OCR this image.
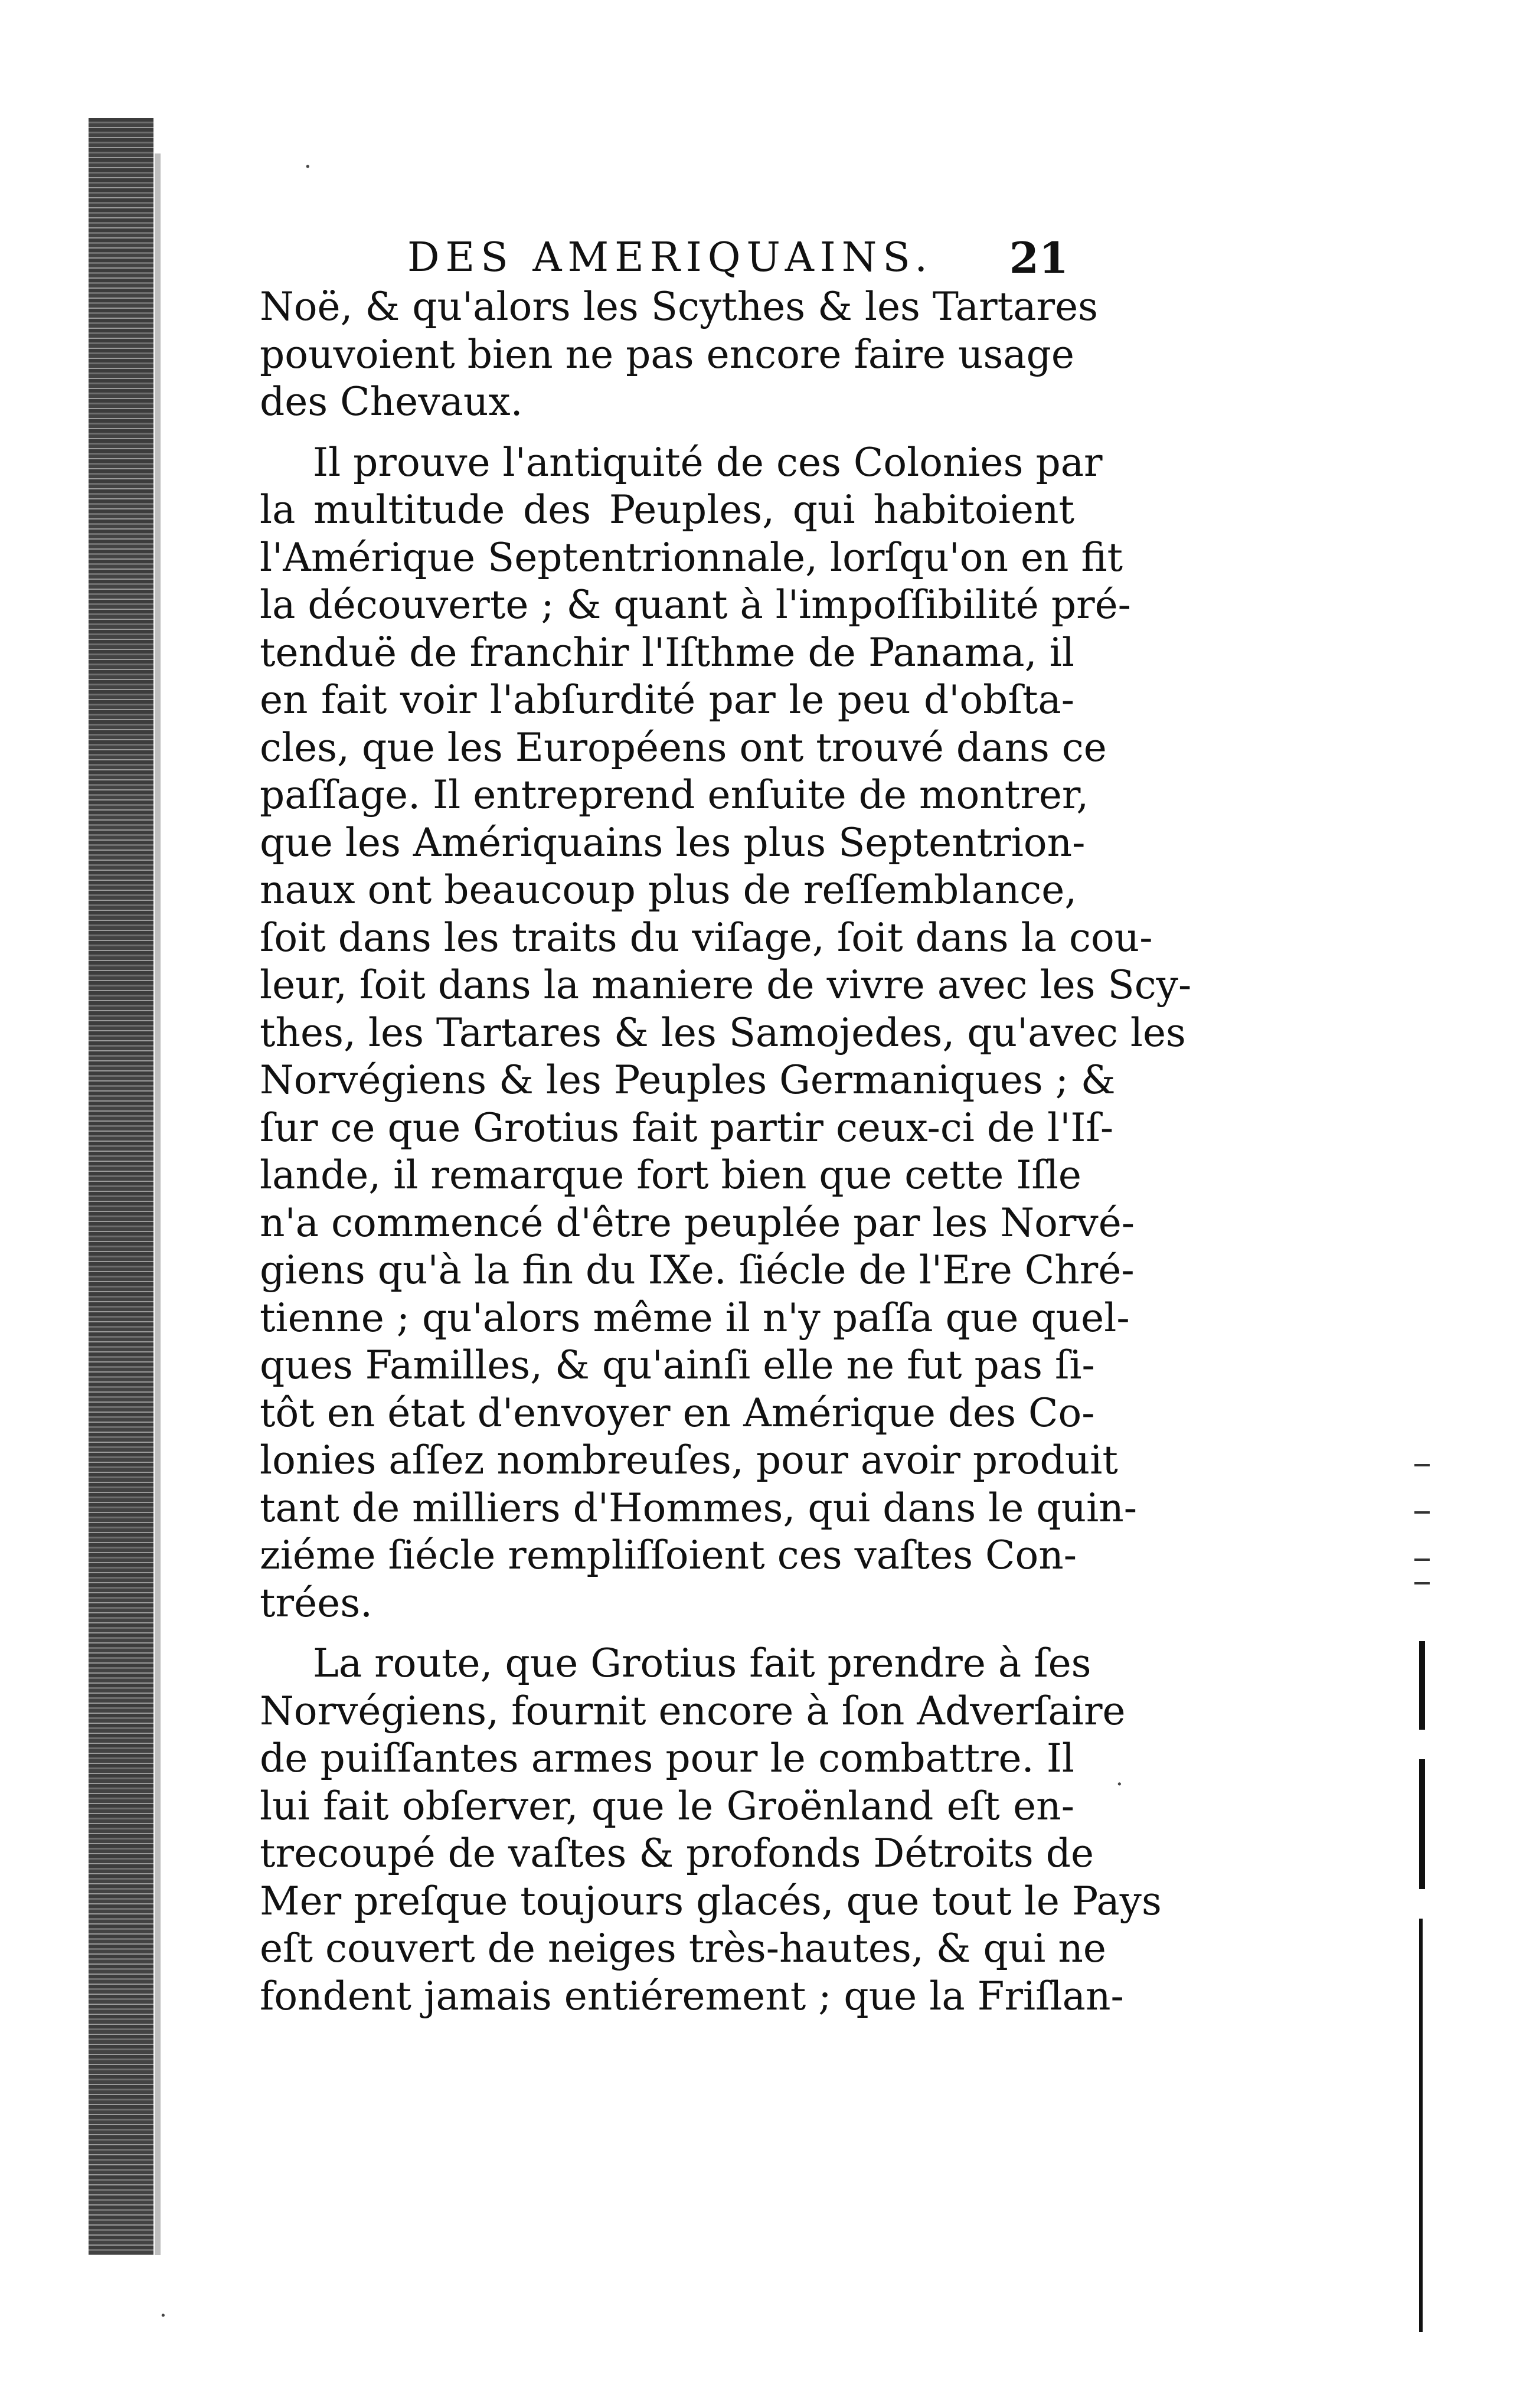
DES AMERIQUAINS.	21
Noë, & qu'alors les Scythes & les Tartares
pouvoient bien ne pas encore faire usage
des Chevaux.
Il prouve l'antiquité de ces Colonies par
la multitude des Peuples, qui habitoient
l'Amérique Septentrionnale, lorſqu'on en fit
la découverte ; & quant à l'impoſſibilité pré-
tenduë de franchir l'Iſthme de Panama, il
en fait voir l'abſurdité par le peu d'obſta-
cles, que les Européens ont trouvé dans ce
paſſage. Il entreprend enſuite de montrer,
que les Amériquains les plus Septentrion-
naux ont beaucoup plus de reſſemblance,
ſoit dans les traits du viſage, ſoit dans la cou-
leur, ſoit dans la maniere de vivre avec les Scy-
thes, les Tartares & les Samojedes, qu'avec les
Norvégiens & les Peuples Germaniques ; &
ſur ce que Grotius fait partir ceux-ci de l'Iſ-
lande, il remarque fort bien que cette Iſle
n'a commencé d'être peuplée par les Norvé-
giens qu'à la fin du IXe. ſiécle de l'Ere Chré-
tienne ; qu'alors même il n'y paſſa que quel-
ques Familles, & qu'ainſi elle ne fut pas ſi-
tôt en état d'envoyer en Amérique des Co-
lonies aſſez nombreuſes, pour avoir produit
tant de milliers d'Hommes, qui dans le quin-
ziéme ſiécle rempliſſoient ces vaſtes Con-
trées.
La route, que Grotius fait prendre à ſes
Norvégiens, fournit encore à ſon Adverſaire
de puiſſantes armes pour le combattre. Il
lui fait obſerver, que le Groënland eſt en-
trecoupé de vaſtes & profonds Détroits de
Mer preſque toujours glacés, que tout le Pays
eſt couvert de neiges très-hautes, & qui ne
fondent jamais entiérement ; que la Friſlan-
·
·
·
